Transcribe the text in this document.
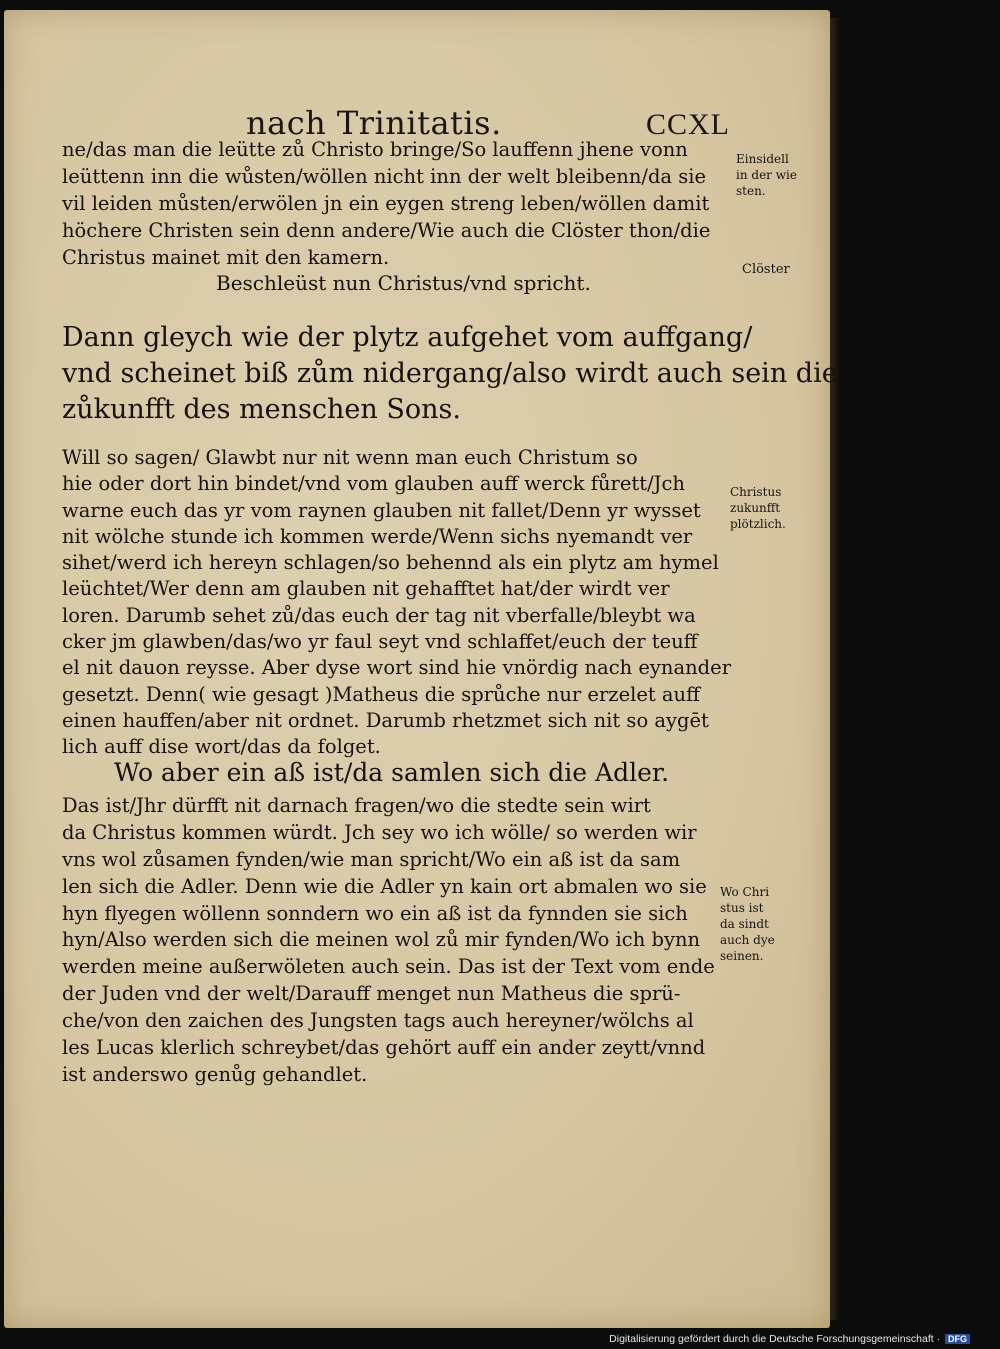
nach Trinitatis.	CCXL
ne/das man die leütte zů Christo bringe/So lauffenn jhene vonn
leüttenn inn die wůsten/wöllen nicht inn der welt bleibenn/da sie
vil leiden můsten/erwölen jn ein eygen streng leben/wöllen damit
höchere Christen sein denn andere/Wie auch die Clöster thon/die
Christus mainet mit den kamern.
Beschleüst nun Christus/vnd spricht.
Dann gleych wie der plytz aufgehet vom auffgang/
vnd scheinet biß zům nidergang/also wirdt auch sein die
zůkunfft des menschen Sons.
Will so sagen/ Glawbt nur nit wenn man euch Christum so
hie oder dort hin bindet/vnd vom glauben auff werck fůrett/Jch
warne euch das yr vom raynen glauben nit fallet/Denn yr wysset
nit wölche stunde ich kommen werde/Wenn sichs nyemandt ver
sihet/werd ich hereyn schlagen/so behennd als ein plytz am hymel
leüchtet/Wer denn am glauben nit gehafftet hat/der wirdt ver
loren. Darumb sehet zů/das euch der tag nit vberfalle/bleybt wa
cker jm glawben/das/wo yr faul seyt vnd schlaffet/euch der teuff
el nit dauon reysse. Aber dyse wort sind hie vnördig nach eynander
gesetzt. Denn( wie gesagt )Matheus die sprůche nur erzelet auff
einen hauffen/aber nit ordnet. Darumb rhetzmet sich nit so aygēt
lich auff dise wort/das da folget.
Wo aber ein aß ist/da samlen sich die Adler.
Das ist/Jhr dürfft nit darnach fragen/wo die stedte sein wirt
da Christus kommen würdt. Jch sey wo ich wölle/ so werden wir
vns wol zůsamen fynden/wie man spricht/Wo ein aß ist da sam
len sich die Adler. Denn wie die Adler yn kain ort abmalen wo sie
hyn flyegen wöllenn sonndern wo ein aß ist da fynnden sie sich
hyn/Also werden sich die meinen wol zů mir fynden/Wo ich bynn
werden meine außerwöleten auch sein. Das ist der Text vom ende
der Juden vnd der welt/Darauff menget nun Matheus die sprü-
che/von den zaichen des Jungsten tags auch hereyner/wölchs al
les Lucas klerlich schreybet/das gehört auff ein ander zeytt/vnnd
ist anderswo genůg gehandlet.
Einsidell
in der wie
sten.
Clöster
Christus
zukunfft
plötzlich.
Wo Chri
stus ist
da sindt
auch dye
seinen.
Digitalisierung gefördert durch die Deutsche Forschungsgemeinschaft · DFG
